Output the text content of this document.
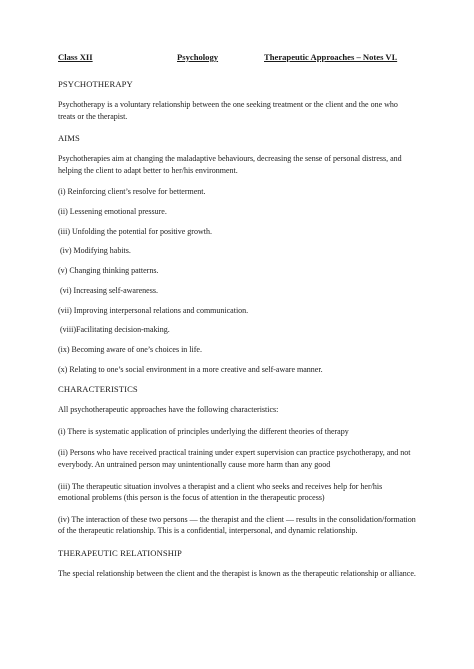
Class XII	Psychology	Therapeutic Approaches – Notes VI.
PSYCHOTHERAPY
Psychotherapy is a voluntary relationship between the one seeking treatment or the client and the one who treats or the therapist.
AIMS
Psychotherapies aim at changing the maladaptive behaviours, decreasing the sense of personal distress, and helping the client to adapt better to her/his environment.
(i) Reinforcing client’s resolve for betterment.
(ii) Lessening emotional pressure.
(iii) Unfolding the potential for positive growth.
(iv) Modifying habits.
(v) Changing thinking patterns.
(vi) Increasing self-awareness.
(vii) Improving interpersonal relations and communication.
(viii)Facilitating decision-making.
(ix) Becoming aware of one’s choices in life.
(x) Relating to one’s social environment in a more creative and self-aware manner.
CHARACTERISTICS
All psychotherapeutic approaches have the following characteristics:
(i) There is systematic application of principles underlying the different theories of therapy
(ii) Persons who have received practical training under expert supervision can practice psychotherapy, and not everybody. An untrained person may unintentionally cause more harm than any good
(iii) The therapeutic situation involves a therapist and a client who seeks and receives help for her/his emotional problems (this person is the focus of attention in the therapeutic process)
(iv) The interaction of these two persons — the therapist and the client — results in the consolidation/formation of the therapeutic relationship. This is a confidential, interpersonal, and dynamic relationship.
THERAPEUTIC RELATIONSHIP
The special relationship between the client and the therapist is known as the therapeutic relationship or alliance.
